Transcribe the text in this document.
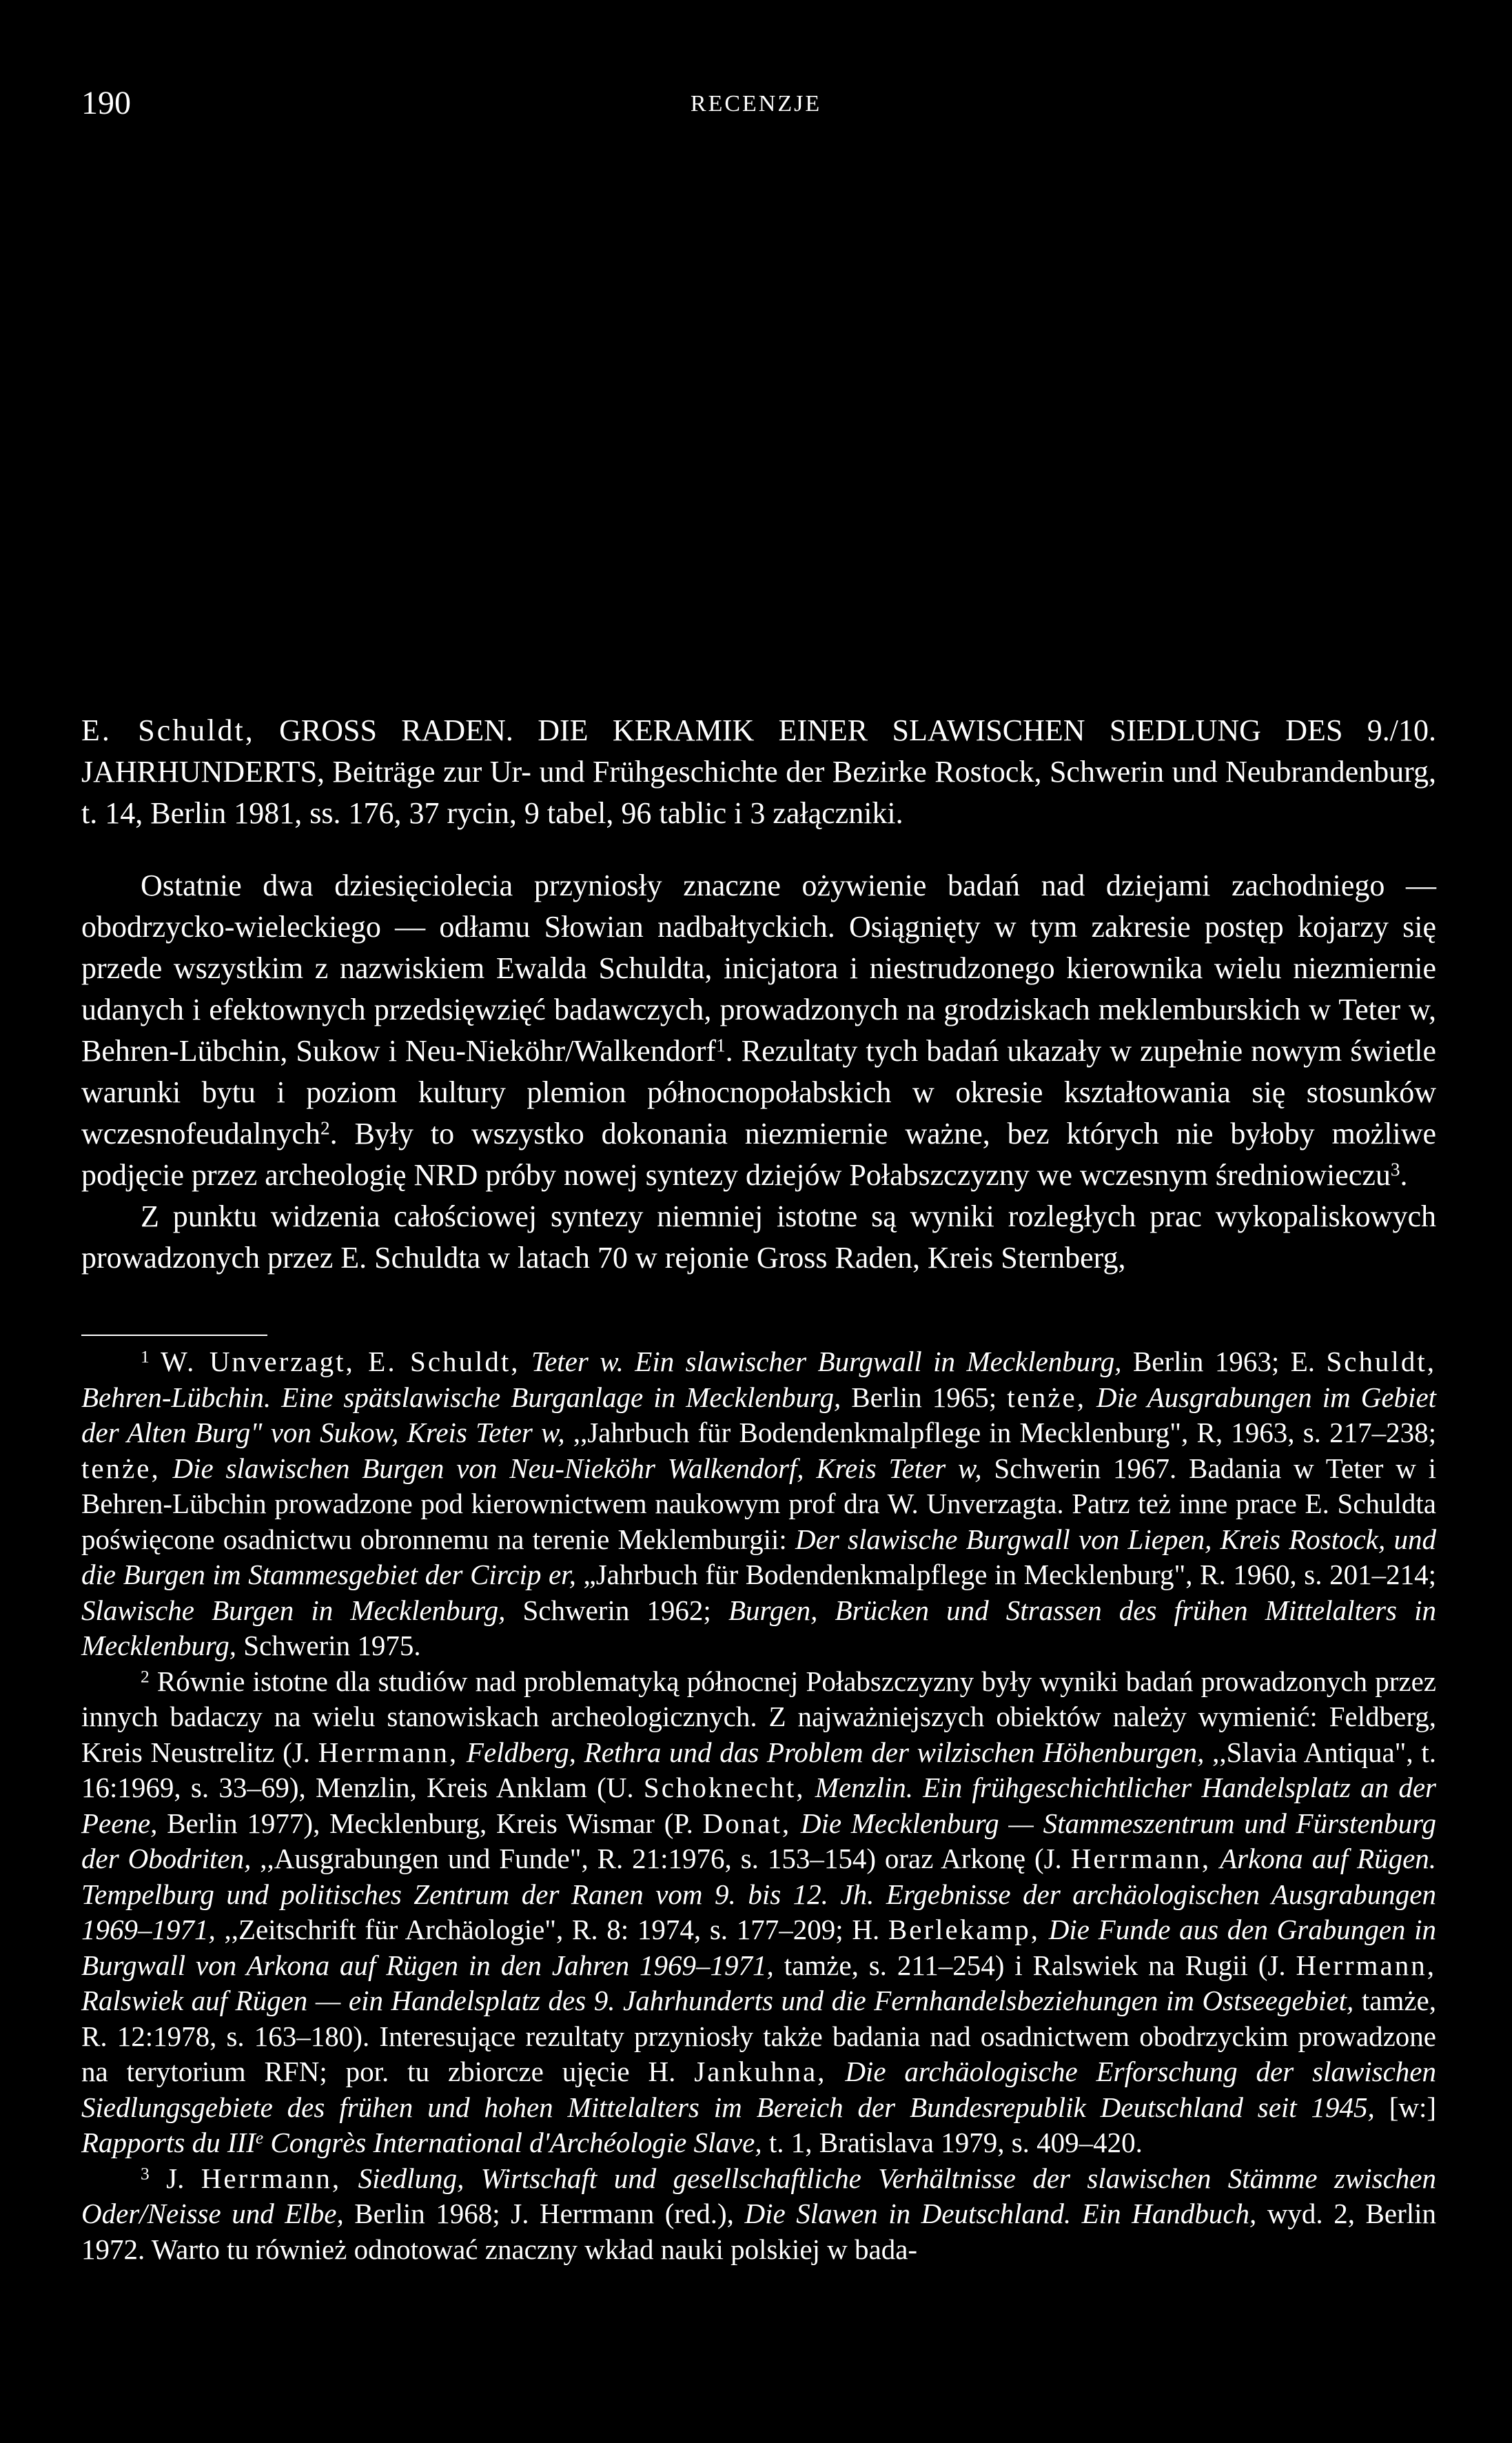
190	RECENZJE
E. Schuldt, GROSS RADEN. DIE KERAMIK EINER SLAWISCHEN SIEDLUNG DES 9./10. JAHRHUNDERTS, Beiträge zur Ur- und Frühgeschichte der Bezirke Rostock, Schwerin und Neubrandenburg, t. 14, Berlin 1981, ss. 176, 37 rycin, 9 tabel, 96 tablic i 3 załączniki.

Ostatnie dwa dziesięciolecia przyniosły znaczne ożywienie badań nad dziejami zachodniego — obodrzycko-wieleckiego — odłamu Słowian nadbałtyckich. Osiągnięty w tym zakresie postęp kojarzy się przede wszystkim z nazwiskiem Ewalda Schuldta, inicjatora i niestrudzonego kierownika wielu niezmiernie udanych i efektownych przedsięwzięć badawczych, prowadzonych na grodziskach meklemburskich w Teter w, Behren-Lübchin, Sukow i Neu-Nieköhr/Walkendorf$^1$. Rezultaty tych badań ukazały w zupełnie nowym świetle warunki bytu i poziom kultury plemion północnopołabskich w okresie kształtowania się stosunków wczesnofeudalnych$^2$. Były to wszystko dokonania niezmiernie ważne, bez których nie byłoby możliwe podjęcie przez archeologię NRD próby nowej syntezy dziejów Połabszczyzny we wczesnym średniowieczu$^3$.

Z punktu widzenia całościowej syntezy niemniej istotne są wyniki rozległych prac wykopaliskowych prowadzonych przez E. Schuldta w latach 70 w rejonie Gross Raden, Kreis Sternberg,

$^1$ W. Unverzagt, E. Schuldt, Teter w. Ein slawischer Burgwall in Mecklenburg, Berlin 1963; E. Schuldt, Behren-Lübchin. Eine spätslawische Burganlage in Mecklenburg, Berlin 1965; tenże, Die Ausgrabungen im Gebiet der Alten Burg" von Sukow, Kreis Teter w, ,,Jahrbuch für Bodendenkmalpflege in Mecklenburg", R, 1963, s. 217–238; tenże, Die slawischen Burgen von Neu-Nieköhr Walkendorf, Kreis Teter w, Schwerin 1967. Badania w Teter w i Behren-Lübchin prowadzone pod kierownictwem naukowym prof dra W. Unverzagta. Patrz też inne prace E. Schuldta poświęcone osadnictwu obronnemu na terenie Meklemburgii: Der slawische Burgwall von Liepen, Kreis Rostock, und die Burgen im Stammesgebiet der Circip er, „Jahrbuch für Bodendenkmalpflege in Mecklenburg", R. 1960, s. 201–214; Slawische Burgen in Mecklenburg, Schwerin 1962; Burgen, Brücken und Strassen des frühen Mittelalters in Mecklenburg, Schwerin 1975.

$^2$ Równie istotne dla studiów nad problematyką północnej Połabszczyzny były wyniki badań prowadzonych przez innych badaczy na wielu stanowiskach archeologicznych. Z najważniejszych obiektów należy wymienić: Feldberg, Kreis Neustrelitz (J. Herrmann, Feldberg, Rethra und das Problem der wilzischen Höhenburgen, ,,Slavia Antiqua", t. 16:1969, s. 33–69), Menzlin, Kreis Anklam (U. Schoknecht, Menzlin. Ein frühgeschichtlicher Handelsplatz an der Peene, Berlin 1977), Mecklenburg, Kreis Wismar (P. Donat, Die Mecklenburg — Stammeszentrum und Fürstenburg der Obodriten, ,,Ausgrabungen und Funde", R. 21:1976, s. 153–154) oraz Arkonę (J. Herrmann, Arkona auf Rügen. Tempelburg und politisches Zentrum der Ranen vom 9. bis 12. Jh. Ergebnisse der archäologischen Ausgrabungen 1969–1971, ,,Zeitschrift für Archäologie", R. 8: 1974, s. 177–209; H. Berlekamp, Die Funde aus den Grabungen in Burgwall von Arkona auf Rügen in den Jahren 1969–1971, tamże, s. 211–254) i Ralswiek na Rugii (J. Herrmann, Ralswiek auf Rügen — ein Handelsplatz des 9. Jahrhunderts und die Fernhandelsbeziehungen im Ostseegebiet, tamże, R. 12:1978, s. 163–180). Interesujące rezultaty przyniosły także badania nad osadnictwem obodrzyckim prowadzone na terytorium RFN; por. tu zbiorcze ujęcie H. Jankuhna, Die archäologische Erforschung der slawischen Siedlungsgebiete des frühen und hohen Mittelalters im Bereich der Bundesrepublik Deutschland seit 1945, [w:] Rapports du IIIe Congrès International d'Archéologie Slave, t. 1, Bratislava 1979, s. 409–420.

$^3$ J. Herrmann, Siedlung, Wirtschaft und gesellschaftliche Verhältnisse der slawischen Stämme zwischen Oder/Neisse und Elbe, Berlin 1968; J. Herrmann (red.), Die Slawen in Deutschland. Ein Handbuch, wyd. 2, Berlin 1972. Warto tu również odnotować znaczny wkład nauki polskiej w bada-
